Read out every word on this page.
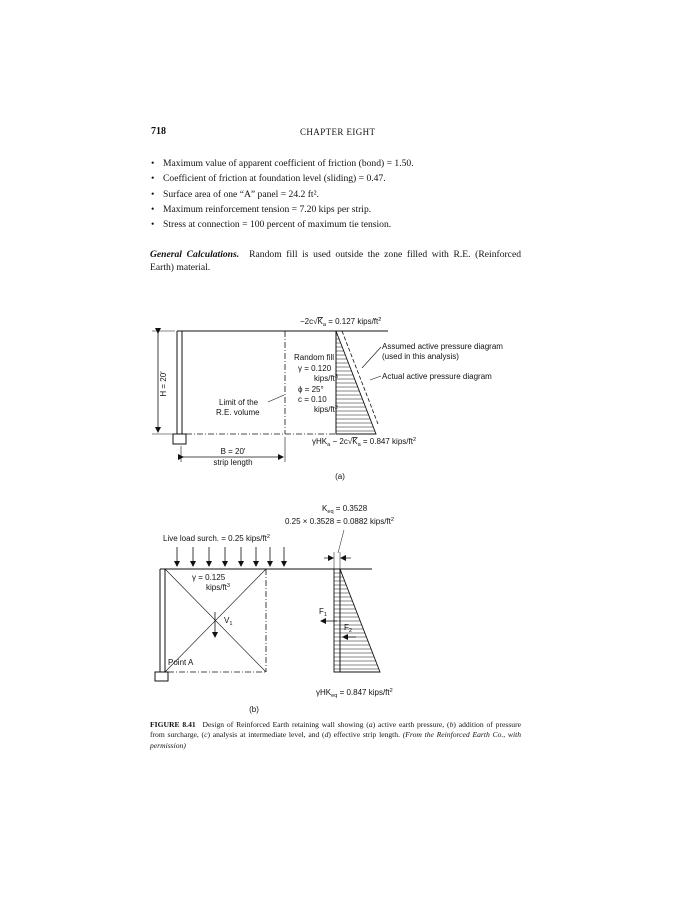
718	CHAPTER EIGHT
• Maximum value of apparent coefficient of friction (bond) = 1.50.
• Coefficient of friction at foundation level (sliding) = 0.47.
• Surface area of one “A” panel = 24.2 ft².
• Maximum reinforcement tension = 7.20 kips per strip.
• Stress at connection = 100 percent of maximum tie tension.
General Calculations. Random fill is used outside the zone filled with R.E. (Reinforced Earth) material.
$-2c√K_a = 0.127$ kips/$ft^2$
H = 20′
Random fill
γ = 0.120
kips/$ft^3$
ϕ = 25°
c = 0.10
kips/$ft^2$
Limit of the
R.E. volume
Assumed active pressure diagram
(used in this analysis)
Actual active pressure diagram
$\gamma HK_a - 2c√K_a = 0.847$ kips/$ft^2$
B = 20′
strip length
(a)
$K_{eq} = 0.3528$
0.25 × 0.3528 = 0.0882 kips/$ft^2$
Live load surch. = 0.25 kips/$ft^2$
γ = 0.125
kips/$ft^3$
$V_1$
$F_1$
$F_2$
Point A
γHK$_{eq}$ = 0.847 kips/$ft^2$
(b)
FIGURE 8.41 Design of Reinforced Earth retaining wall showing (a) active earth pressure, (b) addition of pressure from surcharge, (c) analysis at intermediate level, and (d) effective strip length. (From the Reinforced Earth Co., with permission)
